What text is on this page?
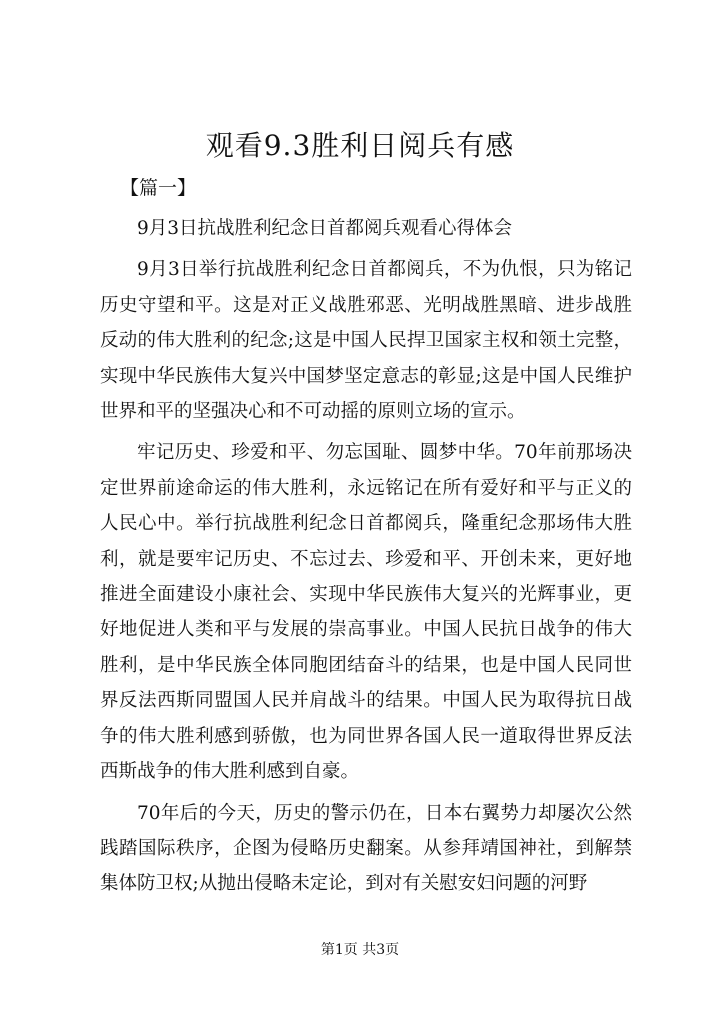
观看9.3胜利日阅兵有感

【篇一】

9月3日抗战胜利纪念日首都阅兵观看心得体会

9月3日举行抗战胜利纪念日首都阅兵，不为仇恨，只为铭记历史守望和平。这是对正义战胜邪恶、光明战胜黑暗、进步战胜反动的伟大胜利的纪念;这是中国人民捍卫国家主权和领土完整，实现中华民族伟大复兴中国梦坚定意志的彰显;这是中国人民维护世界和平的坚强决心和不可动摇的原则立场的宣示。

牢记历史、珍爱和平、勿忘国耻、圆梦中华。70年前那场决定世界前途命运的伟大胜利，永远铭记在所有爱好和平与正义的人民心中。举行抗战胜利纪念日首都阅兵，隆重纪念那场伟大胜利，就是要牢记历史、不忘过去、珍爱和平、开创未来，更好地推进全面建设小康社会、实现中华民族伟大复兴的光辉事业，更好地促进人类和平与发展的崇高事业。中国人民抗日战争的伟大胜利，是中华民族全体同胞团结奋斗的结果，也是中国人民同世界反法西斯同盟国人民并肩战斗的结果。中国人民为取得抗日战争的伟大胜利感到骄傲，也为同世界各国人民一道取得世界反法西斯战争的伟大胜利感到自豪。

70年后的今天，历史的警示仍在，日本右翼势力却屡次公然践踏国际秩序，企图为侵略历史翻案。从参拜靖国神社，到解禁集体防卫权;从抛出侵略未定论，到对有关慰安妇问题的河野

第1页 共3页
